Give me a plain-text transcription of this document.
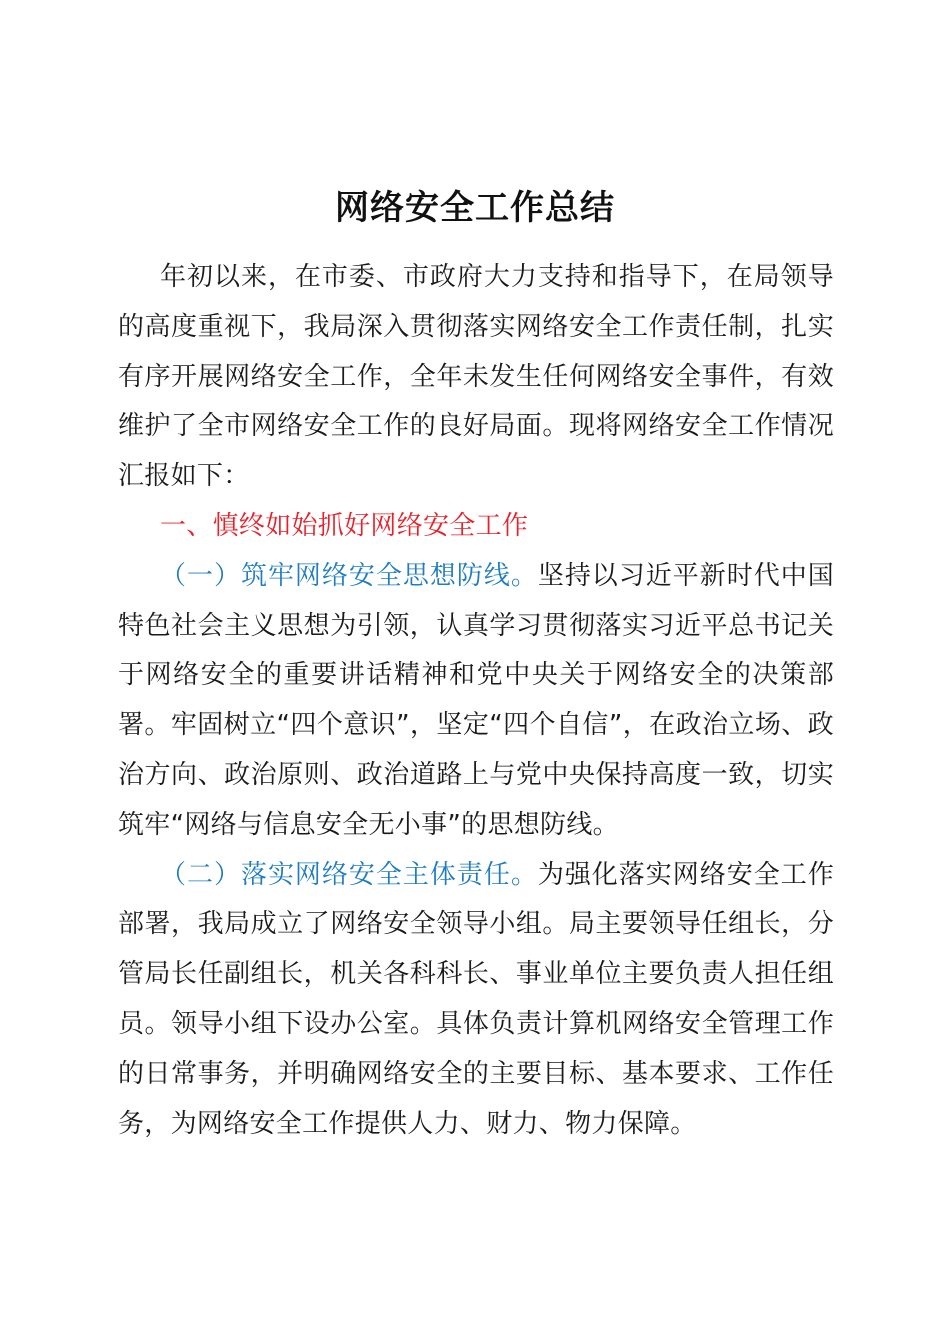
网络安全工作总结

年初以来，在市委、市政府大力支持和指导下，在局领导的高度重视下，我局深入贯彻落实网络安全工作责任制，扎实有序开展网络安全工作，全年未发生任何网络安全事件，有效维护了全市网络安全工作的良好局面。现将网络安全工作情况汇报如下：

一、慎终如始抓好网络安全工作

（一）筑牢网络安全思想防线。坚持以习近平新时代中国特色社会主义思想为引领，认真学习贯彻落实习近平总书记关于网络安全的重要讲话精神和党中央关于网络安全的决策部署。牢固树立“四个意识”，坚定“四个自信”，在政治立场、政治方向、政治原则、政治道路上与党中央保持高度一致，切实筑牢“网络与信息安全无小事”的思想防线。

（二）落实网络安全主体责任。为强化落实网络安全工作部署，我局成立了网络安全领导小组。局主要领导任组长，分管局长任副组长，机关各科科长、事业单位主要负责人担任组员。领导小组下设办公室。具体负责计算机网络安全管理工作的日常事务，并明确网络安全的主要目标、基本要求、工作任务，为网络安全工作提供人力、财力、物力保障。
